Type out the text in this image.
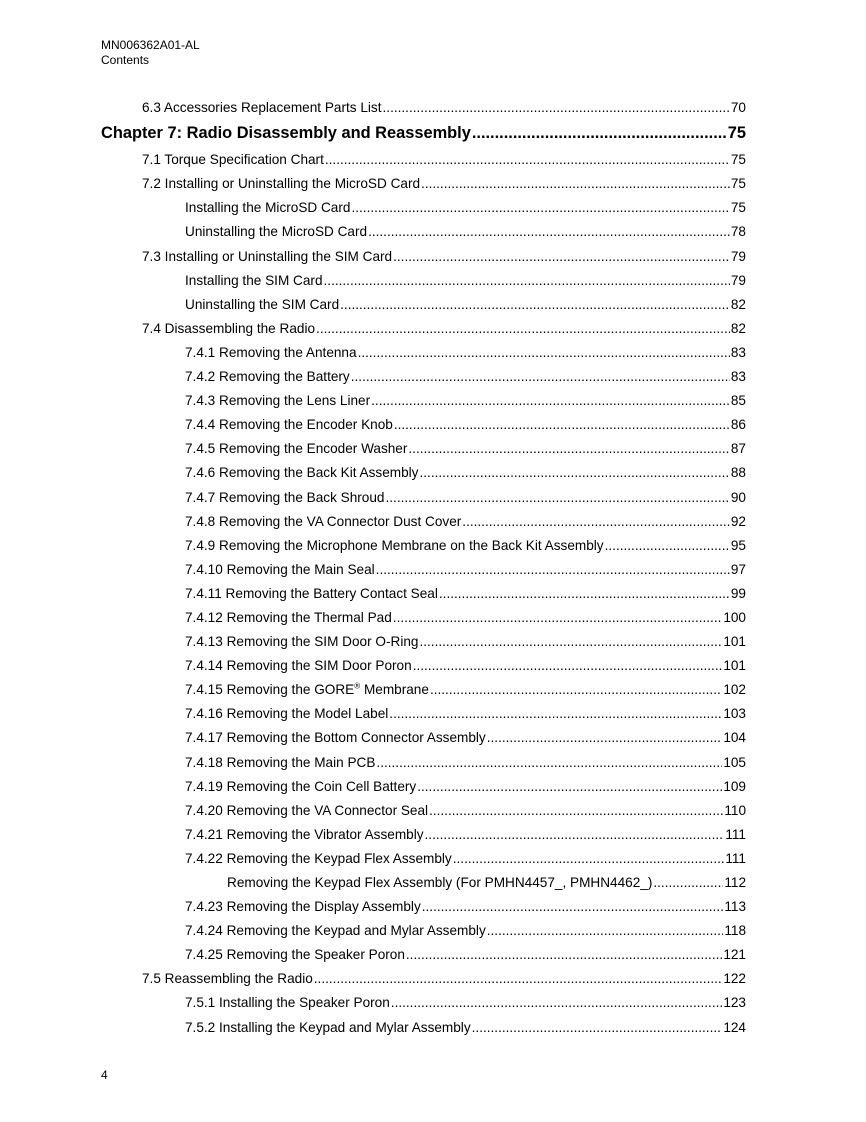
MN006362A01-AL
Contents
6.3 Accessories Replacement Parts List .....	70
Chapter 7: Radio Disassembly and Reassembly .....	75
7.1 Torque Specification Chart .....	75
7.2 Installing or Uninstalling the MicroSD Card .....	75
Installing the MicroSD Card .....	75
Uninstalling the MicroSD Card .....	78
7.3 Installing or Uninstalling the SIM Card .....	79
Installing the SIM Card .....	79
Uninstalling the SIM Card .....	82
7.4 Disassembling the Radio .....	82
7.4.1 Removing the Antenna .....	83
7.4.2 Removing the Battery .....	83
7.4.3 Removing the Lens Liner .....	85
7.4.4 Removing the Encoder Knob .....	86
7.4.5 Removing the Encoder Washer .....	87
7.4.6 Removing the Back Kit Assembly .....	88
7.4.7 Removing the Back Shroud .....	90
7.4.8 Removing the VA Connector Dust Cover .....	92
7.4.9 Removing the Microphone Membrane on the Back Kit Assembly .....	95
7.4.10 Removing the Main Seal .....	97
7.4.11 Removing the Battery Contact Seal .....	99
7.4.12 Removing the Thermal Pad .....	100
7.4.13 Removing the SIM Door O-Ring .....	101
7.4.14 Removing the SIM Door Poron .....	101
7.4.15 Removing the GORE® Membrane .....	102
7.4.16 Removing the Model Label .....	103
7.4.17 Removing the Bottom Connector Assembly .....	104
7.4.18 Removing the Main PCB .....	105
7.4.19 Removing the Coin Cell Battery .....	109
7.4.20 Removing the VA Connector Seal .....	110
7.4.21 Removing the Vibrator Assembly .....	111
7.4.22 Removing the Keypad Flex Assembly .....	111
Removing the Keypad Flex Assembly (For PMHN4457_, PMHN4462_) .....	112
7.4.23 Removing the Display Assembly .....	113
7.4.24 Removing the Keypad and Mylar Assembly .....	118
7.4.25 Removing the Speaker Poron .....	121
7.5 Reassembling the Radio .....	122
7.5.1 Installing the Speaker Poron .....	123
7.5.2 Installing the Keypad and Mylar Assembly .....	124
4
